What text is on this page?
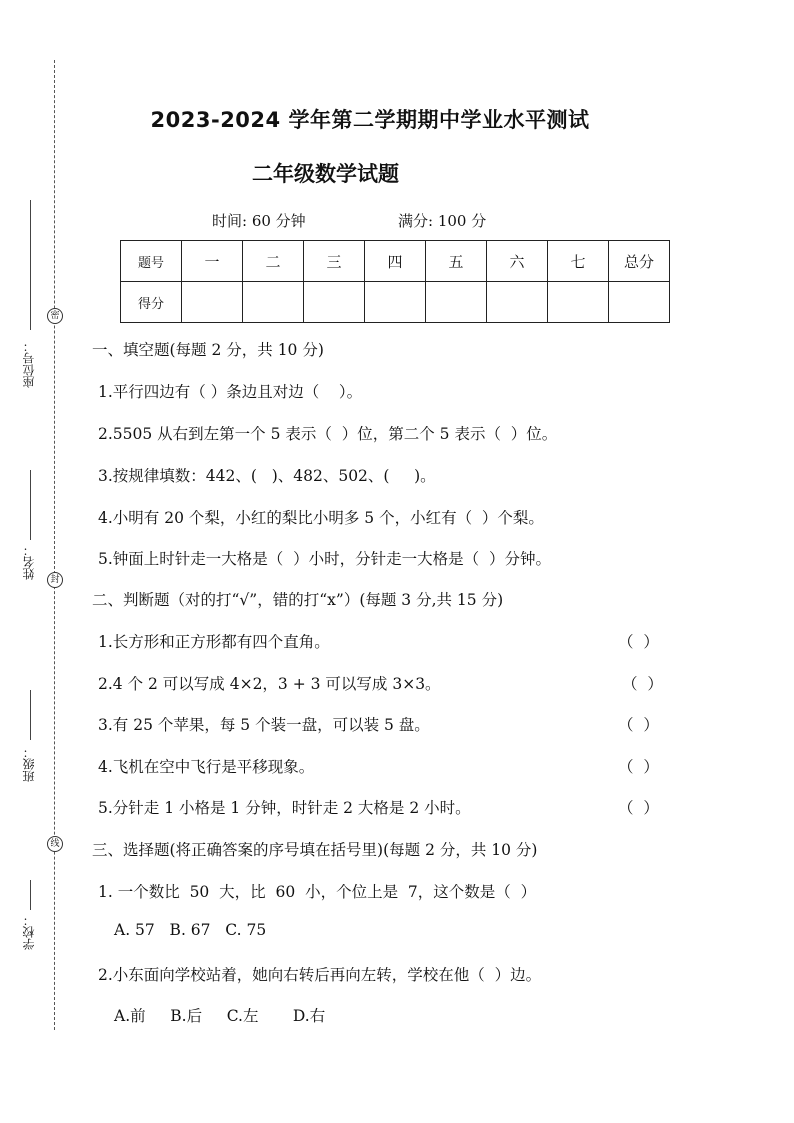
密
封
线
座位号：
姓名：
班级：
学校：
2023-2024 学年第二学期期中学业水平测试
二年级数学试题
时间: 60 分钟	满分: 100 分
题号	一	二	三	四	五	六	七	总分
得分								
一、填空题(每题 2 分，共 10 分)
1.平行四边有（ ）条边且对边（    ）。
2.5505 从右到左第一个 5 表示（  ）位，第二个 5 表示（  ）位。
3.按规律填数：442、(   )、482、502、(     )。
4.小明有 20 个梨，小红的梨比小明多 5 个，小红有（  ）个梨。
5.钟面上时针走一大格是（  ）小时，分针走一大格是（  ）分钟。
二、判断题（对的打“√”，错的打“x”）(每题 3 分,共 15 分)
1.长方形和正方形都有四个直角。	（  ）
2.4 个 2 可以写成 4×2，3 + 3 可以写成 3×3。	（  ）
3.有 25 个苹果，每 5 个装一盘，可以装 5 盘。	（  ）
4.飞机在空中飞行是平移现象。	（  ）
5.分针走 1 小格是 1 分钟，时针走 2 大格是 2 小时。	（  ）
三、选择题(将正确答案的序号填在括号里)(每题 2 分，共 10 分)
1. 一个数比  50  大，比  60  小，个位上是  7，这个数是（  ）
A. 57   B. 67   C. 75
2.小东面向学校站着，她向右转后再向左转，学校在他（  ）边。
A.前     B.后     C.左       D.右
